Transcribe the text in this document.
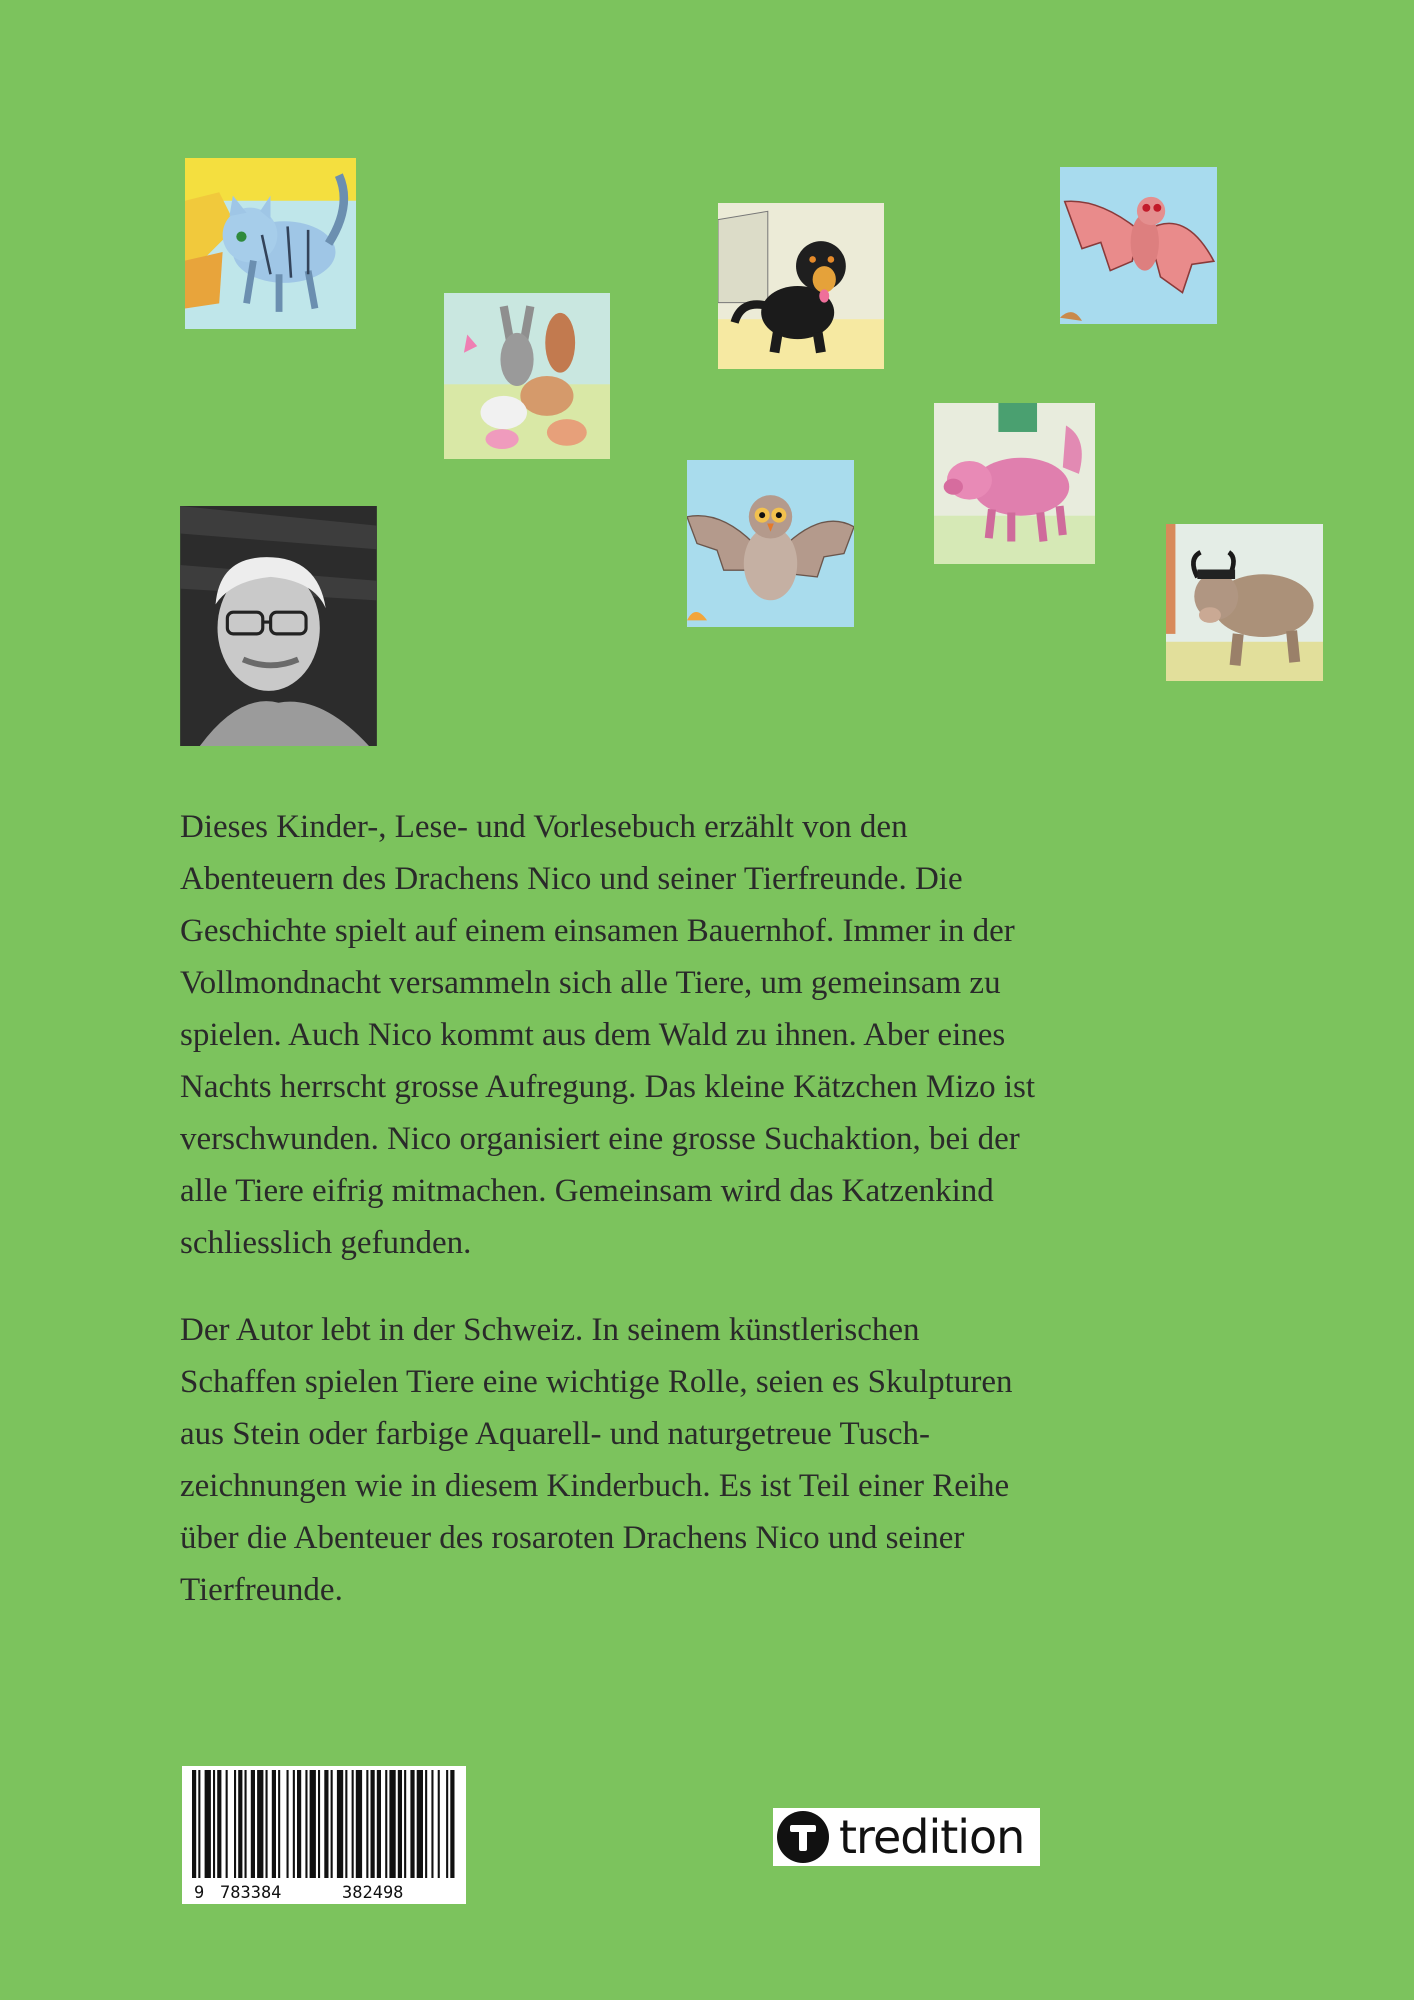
Dieses Kinder-, Lese- und Vorlesebuch erzählt von den
Abenteuern des Drachens Nico und seiner Tierfreunde. Die
Geschichte spielt auf einem einsamen Bauernhof. Immer in der
Vollmondnacht versammeln sich alle Tiere, um gemeinsam zu
spielen. Auch Nico kommt aus dem Wald zu ihnen. Aber eines
Nachts herrscht grosse Aufregung. Das kleine Kätzchen Mizo ist
verschwunden. Nico organisiert eine grosse Suchaktion, bei der
alle Tiere eifrig mitmachen. Gemeinsam wird das Katzenkind
schliesslich gefunden.

Der Autor lebt in der Schweiz. In seinem künstlerischen
Schaffen spielen Tiere eine wichtige Rolle, seien es Skulpturen
aus Stein oder farbige Aquarell- und naturgetreue Tusch-
zeichnungen wie in diesem Kinderbuch. Es ist Teil einer Reihe
über die Abenteuer des rosaroten Drachens Nico und seiner
Tierfreunde.

9 783384	382498
tredition
